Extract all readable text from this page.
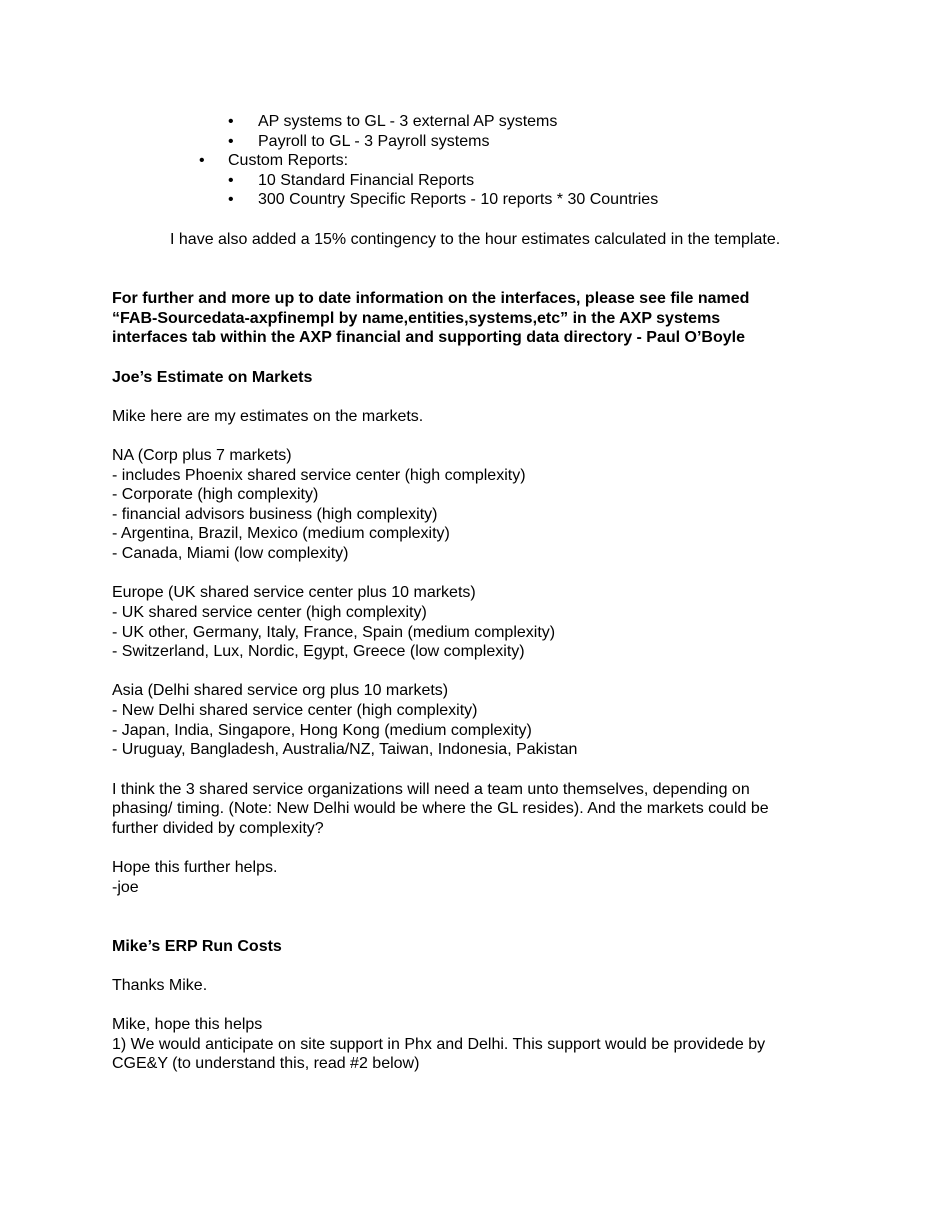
• AP systems to GL - 3 external AP systems
• Payroll to GL - 3 Payroll systems
• Custom Reports:
• 10 Standard Financial Reports
• 300 Country Specific Reports - 10 reports * 30 Countries
I have also added a 15% contingency to the hour estimates calculated in the template.
For further and more up to date information on the interfaces, please see file named
“FAB-Sourcedata-axpfinempl by name,entities,systems,etc” in the AXP systems
interfaces tab within the AXP financial and supporting data directory - Paul O’Boyle
Joe’s Estimate on Markets
Mike here are my estimates on the markets.
NA (Corp plus 7 markets)
- includes Phoenix shared service center (high complexity)
- Corporate (high complexity)
- financial advisors business (high complexity)
- Argentina, Brazil, Mexico (medium complexity)
- Canada, Miami (low complexity)
Europe (UK shared service center plus 10 markets)
- UK shared service center (high complexity)
- UK other, Germany, Italy, France, Spain (medium complexity)
- Switzerland, Lux, Nordic, Egypt, Greece (low complexity)
Asia (Delhi shared service org plus 10 markets)
- New Delhi shared service center (high complexity)
- Japan, India, Singapore, Hong Kong (medium complexity)
- Uruguay, Bangladesh, Australia/NZ, Taiwan, Indonesia, Pakistan
I think the 3 shared service organizations will need a team unto themselves, depending on
phasing/ timing. (Note: New Delhi would be where the GL resides). And the markets could be
further divided by complexity?
Hope this further helps.
-joe
Mike’s ERP Run Costs
Thanks Mike.
Mike, hope this helps
1) We would anticipate on site support in Phx and Delhi. This support would be providede by
CGE&Y (to understand this, read #2 below)
